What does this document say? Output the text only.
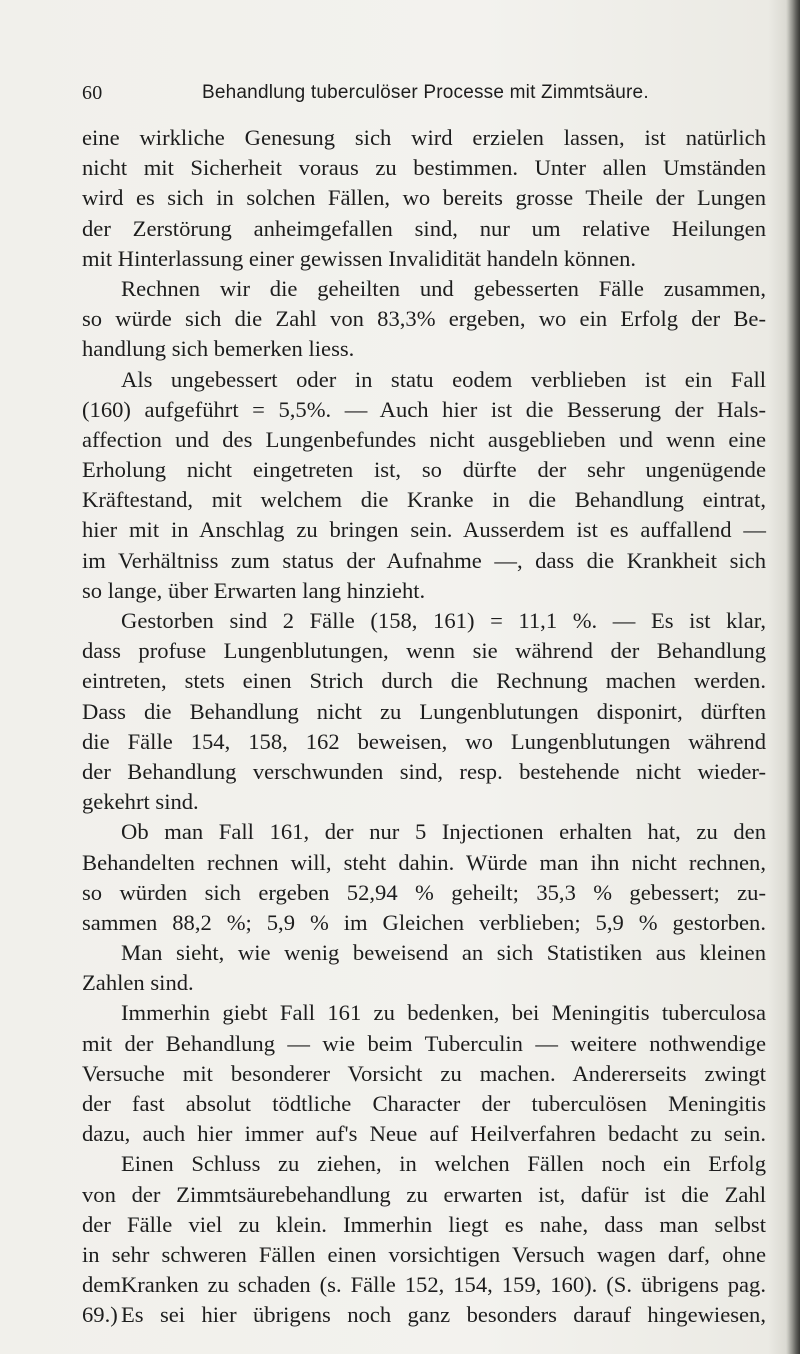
60	Behandlung tuberculöser Processe mit Zimmtsäure.
eine wirkliche Genesung sich wird erzielen lassen, ist natürlich
nicht mit Sicherheit voraus zu bestimmen. Unter allen Umständen
wird es sich in solchen Fällen, wo bereits grosse Theile der Lungen
der Zerstörung anheimgefallen sind, nur um relative Heilungen
mit Hinterlassung einer gewissen Invalidität handeln können.
Rechnen wir die geheilten und gebesserten Fälle zusammen,
so würde sich die Zahl von 83,3% ergeben, wo ein Erfolg der Be-
handlung sich bemerken liess.
Als ungebessert oder in statu eodem verblieben ist ein Fall
(160) aufgeführt = 5,5%. — Auch hier ist die Besserung der Hals-
affection und des Lungenbefundes nicht ausgeblieben und wenn eine
Erholung nicht eingetreten ist, so dürfte der sehr ungenügende
Kräftestand, mit welchem die Kranke in die Behandlung eintrat,
hier mit in Anschlag zu bringen sein. Ausserdem ist es auffallend —
im Verhältniss zum status der Aufnahme —, dass die Krankheit sich
so lange, über Erwarten lang hinzieht.
Gestorben sind 2 Fälle (158, 161) = 11,1 %. — Es ist klar,
dass profuse Lungenblutungen, wenn sie während der Behandlung
eintreten, stets einen Strich durch die Rechnung machen werden.
Dass die Behandlung nicht zu Lungenblutungen disponirt, dürften
die Fälle 154, 158, 162 beweisen, wo Lungenblutungen während
der Behandlung verschwunden sind, resp. bestehende nicht wieder-
gekehrt sind.
Ob man Fall 161, der nur 5 Injectionen erhalten hat, zu den
Behandelten rechnen will, steht dahin. Würde man ihn nicht rechnen,
so würden sich ergeben 52,94 % geheilt; 35,3 % gebessert; zu-
sammen 88,2 %; 5,9 % im Gleichen verblieben; 5,9 % gestorben.
Man sieht, wie wenig beweisend an sich Statistiken aus kleinen
Zahlen sind.
Immerhin giebt Fall 161 zu bedenken, bei Meningitis tuberculosa
mit der Behandlung — wie beim Tuberculin — weitere nothwendige
Versuche mit besonderer Vorsicht zu machen. Andererseits zwingt
der fast absolut tödtliche Character der tuberculösen Meningitis
dazu, auch hier immer auf's Neue auf Heilverfahren bedacht zu sein.
Einen Schluss zu ziehen, in welchen Fällen noch ein Erfolg
von der Zimmtsäurebehandlung zu erwarten ist, dafür ist die Zahl
der Fälle viel zu klein. Immerhin liegt es nahe, dass man selbst
in sehr schweren Fällen einen vorsichtigen Versuch wagen darf, ohne
demKranken zu schaden (s. Fälle 152, 154, 159, 160). (S. übrigens pag. 69.) Es sei hier übrigens noch ganz besonders darauf hingewiesen,
